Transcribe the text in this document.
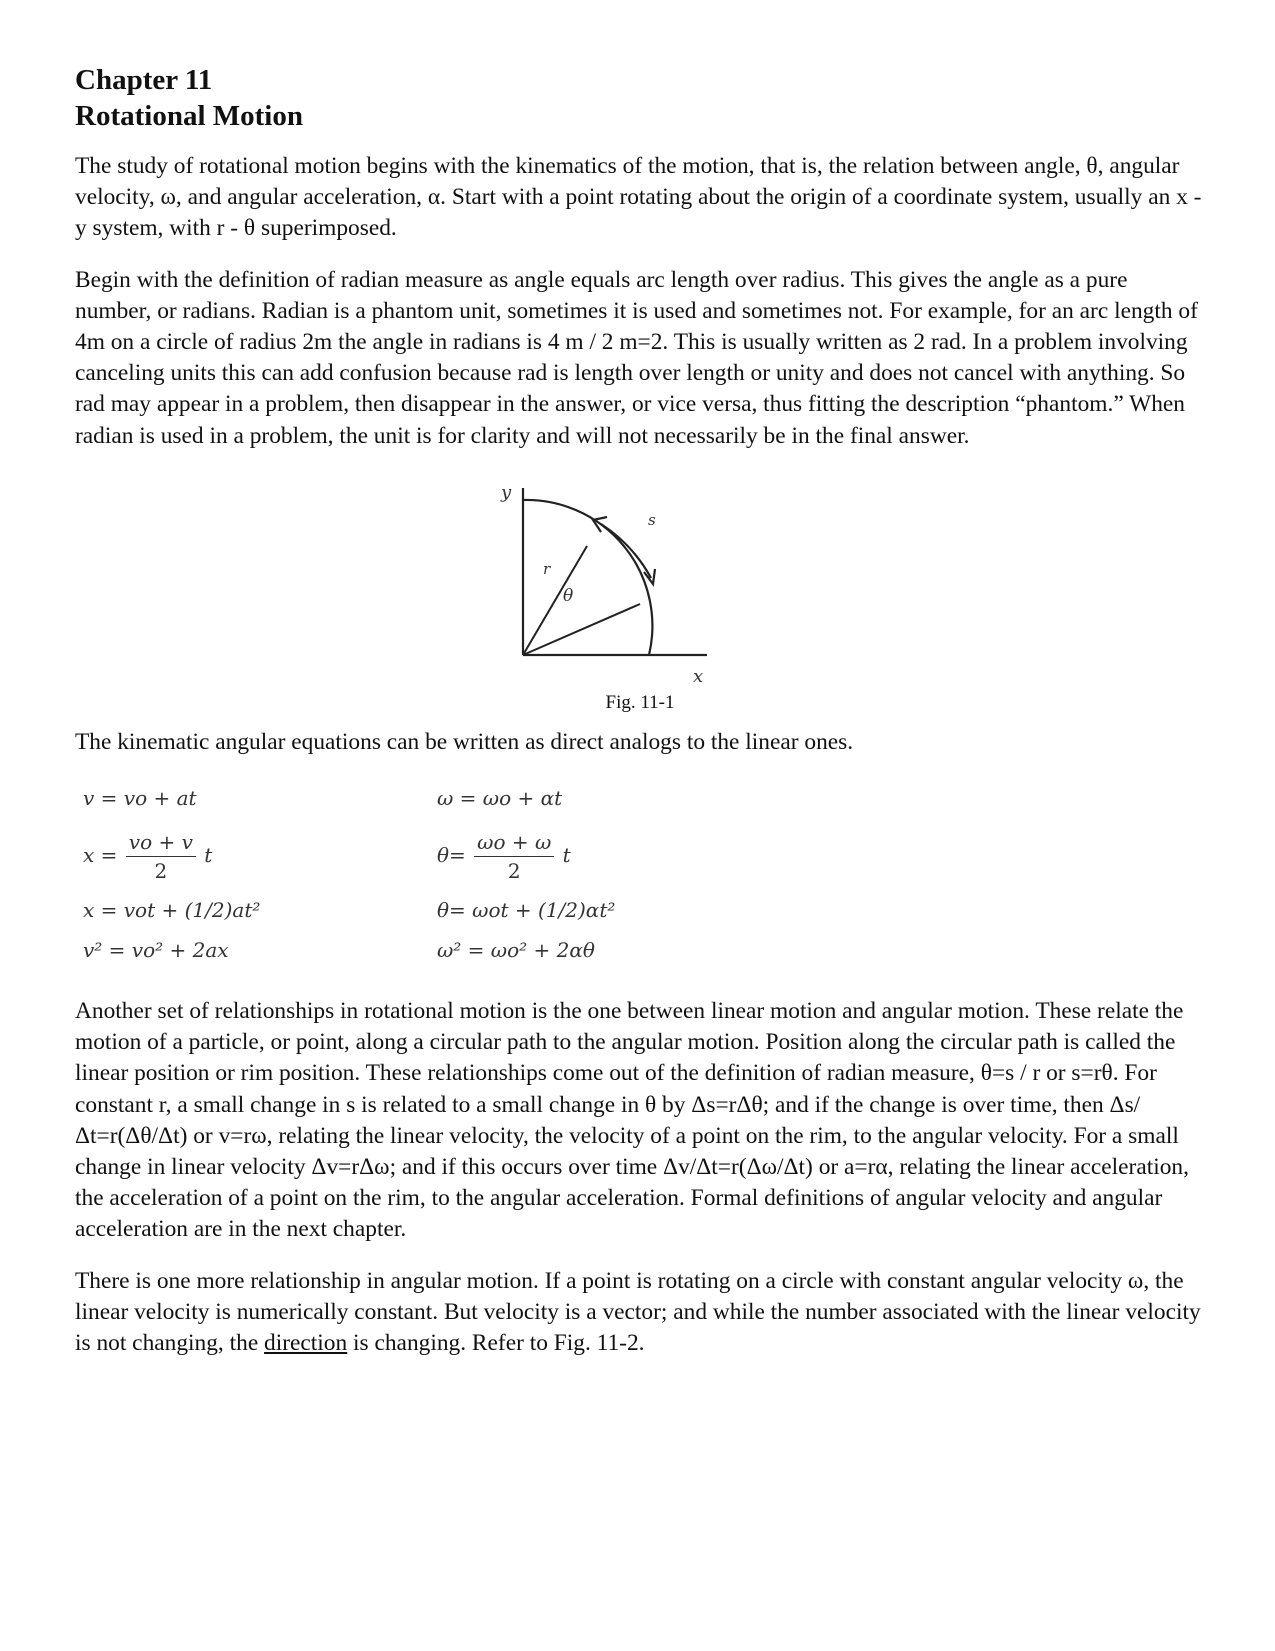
Chapter 11
Rotational Motion

The study of rotational motion begins with the kinematics of the motion, that is, the relation between angle, θ, angular velocity, ω, and angular acceleration, α. Start with a point rotating about the origin of a coordinate system, usually an x - y system, with r - θ superimposed.

Begin with the definition of radian measure as angle equals arc length over radius. This gives the angle as a pure number, or radians. Radian is a phantom unit, sometimes it is used and sometimes not. For example, for an arc length of 4m on a circle of radius 2m the angle in radians is 4 m / 2 m=2. This is usually written as 2 rad. In a problem involving canceling units this can add confusion because rad is length over length or unity and does not cancel with anything. So rad may appear in a problem, then disappear in the answer, or vice versa, thus fitting the description “phantom.” When radian is used in a problem, the unit is for clarity and will not necessarily be in the final answer.

y
x
r
θ
s
Fig. 11-1

The kinematic angular equations can be written as direct analogs to the linear ones.

v = vo + at
$x = \frac{vo + v}{2}$ t
x = vot + (1/2)at²
v² = vo² + 2ax
ω = ωo + αt
$\theta= \frac{\omega o + \omega}{2}$ t
θ= ωot + (1/2)αt²
ω² = ωo² + 2αθ

Another set of relationships in rotational motion is the one between linear motion and angular motion. These relate the motion of a particle, or point, along a circular path to the angular motion. Position along the circular path is called the linear position or rim position. These relationships come out of the definition of radian measure, θ=s / r or s=rθ. For constant r, a small change in s is related to a small change in θ by Δs=rΔθ; and if the change is over time, then Δs/Δt=r(Δθ/Δt) or v=rω, relating the linear velocity, the velocity of a point on the rim, to the angular velocity. For a small change in linear velocity Δv=rΔω; and if this occurs over time Δv/Δt=r(Δω/Δt) or a=rα, relating the linear acceleration, the acceleration of a point on the rim, to the angular acceleration. Formal definitions of angular velocity and angular acceleration are in the next chapter.

There is one more relationship in angular motion. If a point is rotating on a circle with constant angular velocity ω, the linear velocity is numerically constant. But velocity is a vector; and while the number associated with the linear velocity is not changing, the direction is changing. Refer to Fig. 11-2.
